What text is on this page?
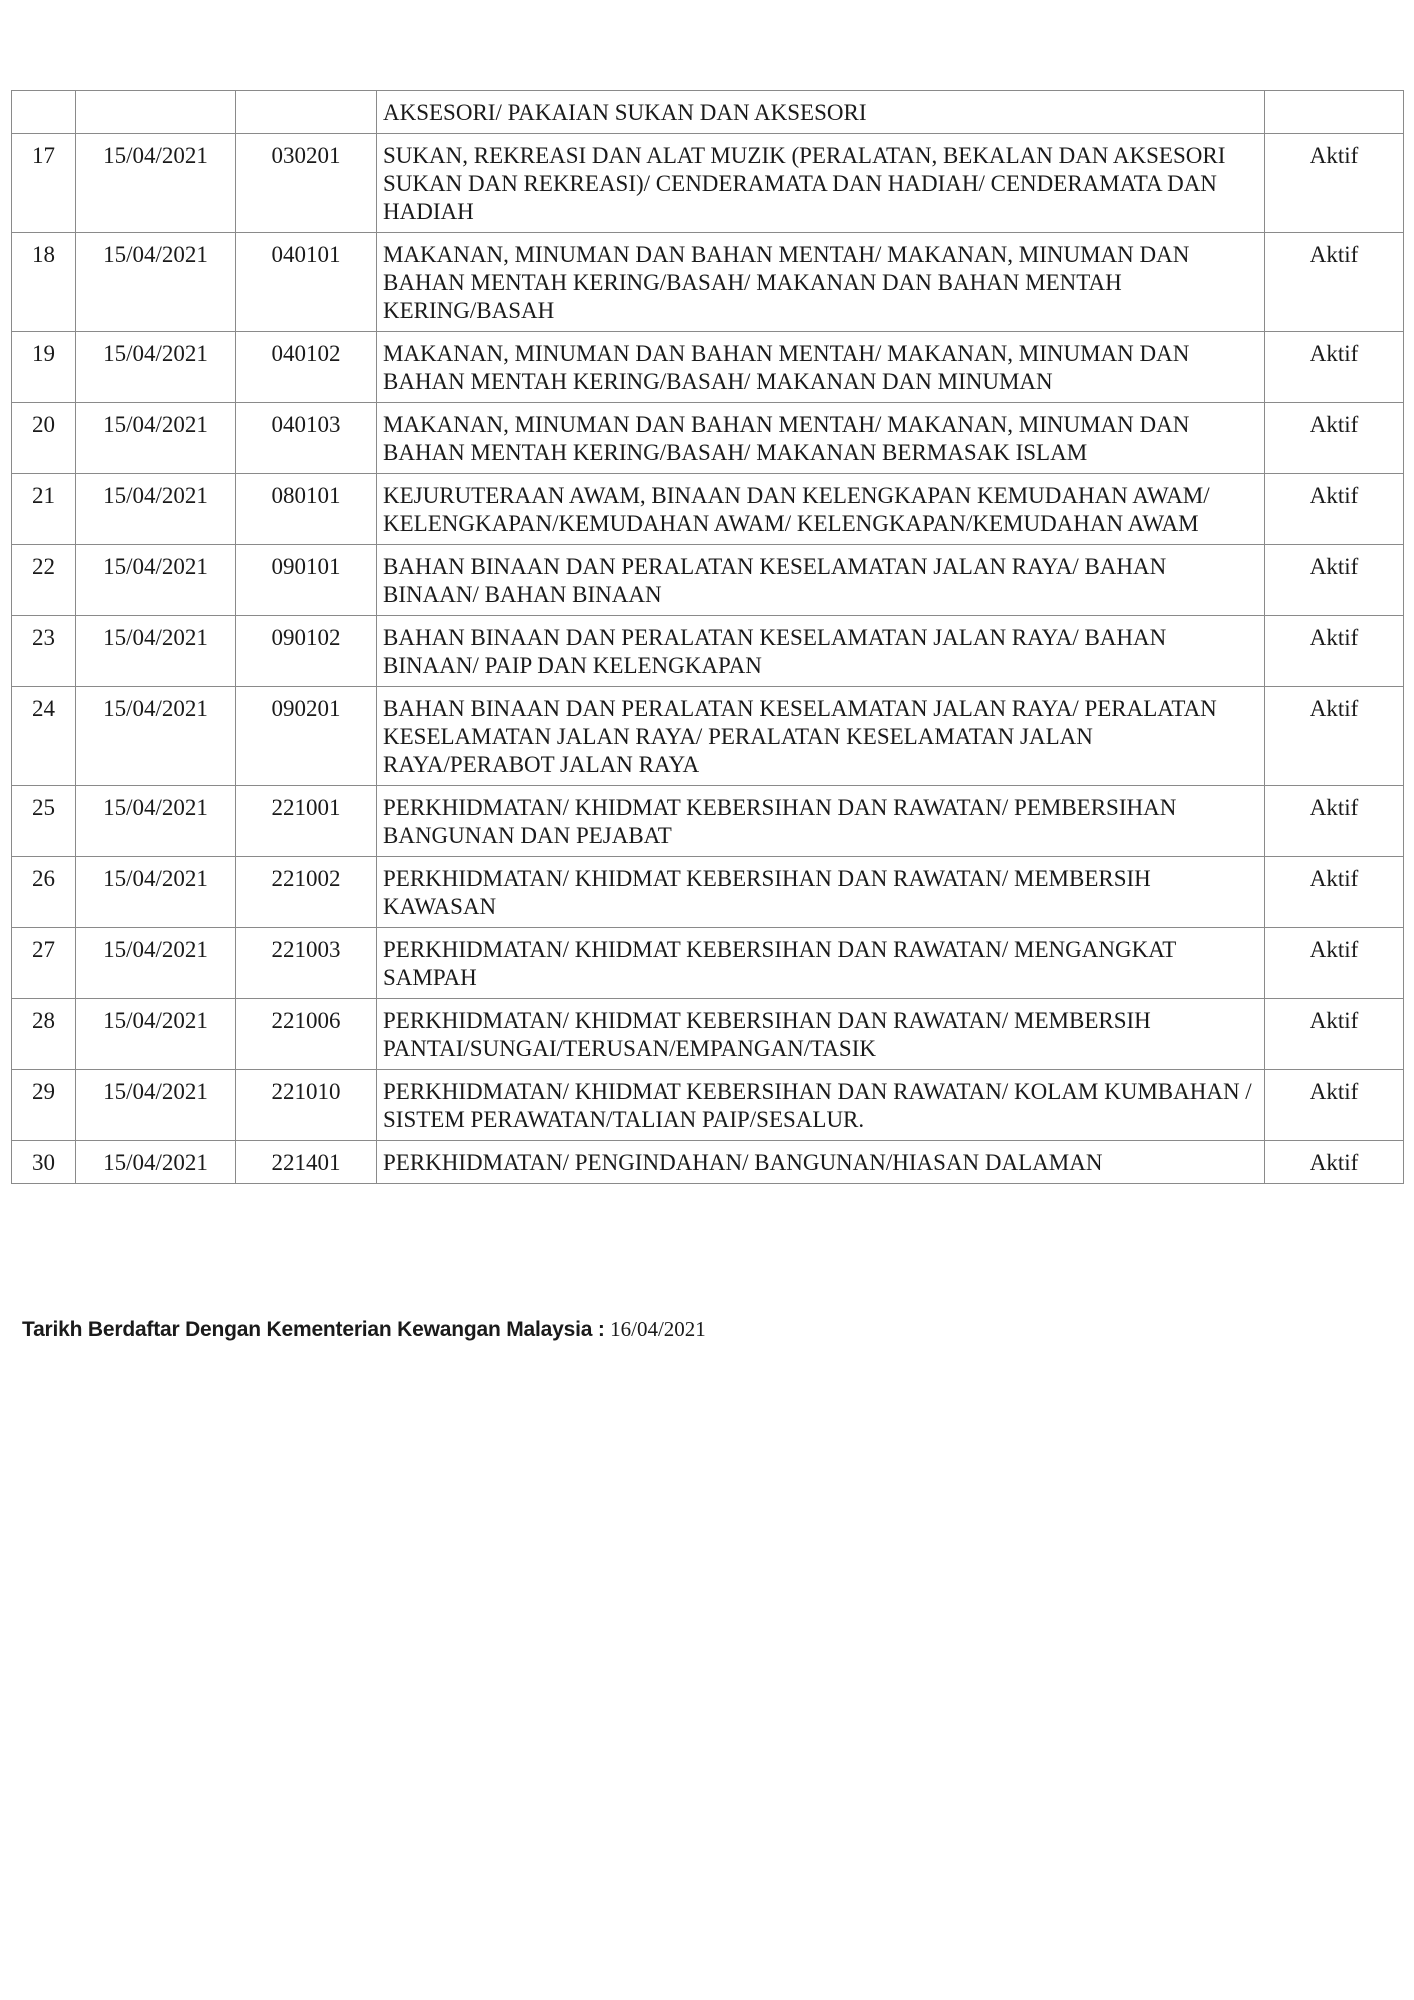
			AKSESORI/ PAKAIAN SUKAN DAN AKSESORI	
17	15/04/2021	030201	SUKAN, REKREASI DAN ALAT MUZIK (PERALATAN, BEKALAN DAN AKSESORI SUKAN DAN REKREASI)/ CENDERAMATA DAN HADIAH/ CENDERAMATA DAN HADIAH	Aktif
18	15/04/2021	040101	MAKANAN, MINUMAN DAN BAHAN MENTAH/ MAKANAN, MINUMAN DAN BAHAN MENTAH KERING/BASAH/ MAKANAN DAN BAHAN MENTAH KERING/BASAH	Aktif
19	15/04/2021	040102	MAKANAN, MINUMAN DAN BAHAN MENTAH/ MAKANAN, MINUMAN DAN BAHAN MENTAH KERING/BASAH/ MAKANAN DAN MINUMAN	Aktif
20	15/04/2021	040103	MAKANAN, MINUMAN DAN BAHAN MENTAH/ MAKANAN, MINUMAN DAN BAHAN MENTAH KERING/BASAH/ MAKANAN BERMASAK ISLAM	Aktif
21	15/04/2021	080101	KEJURUTERAAN AWAM, BINAAN DAN KELENGKAPAN KEMUDAHAN AWAM/ KELENGKAPAN/KEMUDAHAN AWAM/ KELENGKAPAN/KEMUDAHAN AWAM	Aktif
22	15/04/2021	090101	BAHAN BINAAN DAN PERALATAN KESELAMATAN JALAN RAYA/ BAHAN BINAAN/ BAHAN BINAAN	Aktif
23	15/04/2021	090102	BAHAN BINAAN DAN PERALATAN KESELAMATAN JALAN RAYA/ BAHAN BINAAN/ PAIP DAN KELENGKAPAN	Aktif
24	15/04/2021	090201	BAHAN BINAAN DAN PERALATAN KESELAMATAN JALAN RAYA/ PERALATAN KESELAMATAN JALAN RAYA/ PERALATAN KESELAMATAN JALAN RAYA/PERABOT JALAN RAYA	Aktif
25	15/04/2021	221001	PERKHIDMATAN/ KHIDMAT KEBERSIHAN DAN RAWATAN/ PEMBERSIHAN BANGUNAN DAN PEJABAT	Aktif
26	15/04/2021	221002	PERKHIDMATAN/ KHIDMAT KEBERSIHAN DAN RAWATAN/ MEMBERSIH KAWASAN	Aktif
27	15/04/2021	221003	PERKHIDMATAN/ KHIDMAT KEBERSIHAN DAN RAWATAN/ MENGANGKAT SAMPAH	Aktif
28	15/04/2021	221006	PERKHIDMATAN/ KHIDMAT KEBERSIHAN DAN RAWATAN/ MEMBERSIH PANTAI/SUNGAI/TERUSAN/EMPANGAN/TASIK	Aktif
29	15/04/2021	221010	PERKHIDMATAN/ KHIDMAT KEBERSIHAN DAN RAWATAN/ KOLAM KUMBAHAN / SISTEM PERAWATAN/TALIAN PAIP/SESALUR.	Aktif
30	15/04/2021	221401	PERKHIDMATAN/ PENGINDAHAN/ BANGUNAN/HIASAN DALAMAN	Aktif
Tarikh Berdaftar Dengan Kementerian Kewangan Malaysia : 16/04/2021
